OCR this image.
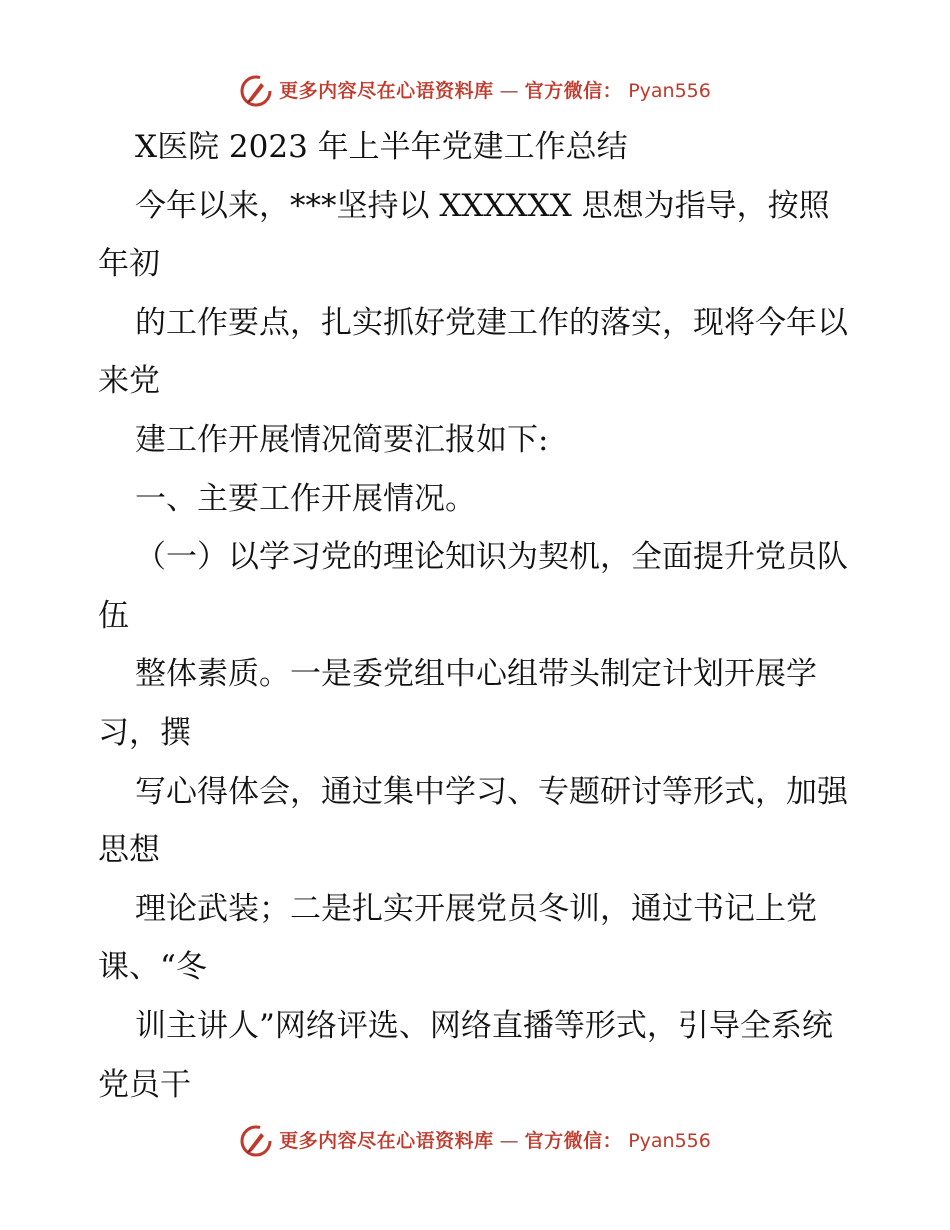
更多内容尽在心语资料库 — 官方微信： Pyan556

X医院 2023 年上半年党建工作总结

今年以来，***坚持以 XXXXXX 思想为指导，按照年初

的工作要点，扎实抓好党建工作的落实，现将今年以来党

建工作开展情况简要汇报如下:

一、主要工作开展情况。

（一）以学习党的理论知识为契机，全面提升党员队伍

整体素质。一是委党组中心组带头制定计划开展学习，撰

写心得体会，通过集中学习、专题研讨等形式，加强思想

理论武装；二是扎实开展党员冬训，通过书记上党课、“冬

训主讲人”网络评选、网络直播等形式，引导全系统党员干

更多内容尽在心语资料库 — 官方微信： Pyan556
